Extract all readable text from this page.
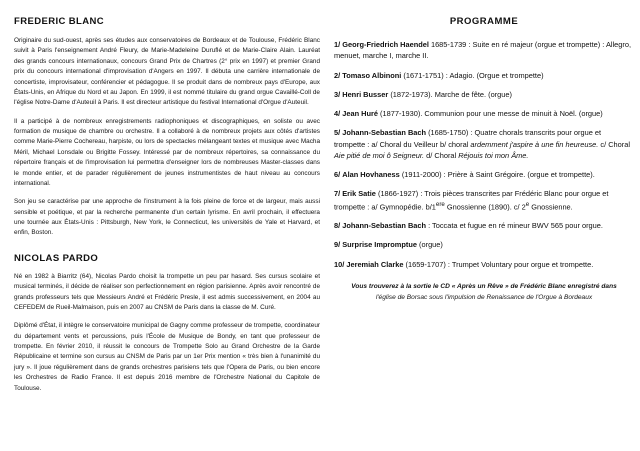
FREDERIC BLANC

Originaire du sud-ouest, après ses études aux conservatoires de Bordeaux et de Toulouse, Frédéric Blanc suivit à Paris l'enseignement André Fleury, de Marie-Madeleine Duruflé et de Marie-Claire Alain. Lauréat des grands concours internationaux, concours Grand Prix de Chartres (2° prix en 1997) et premier Grand prix du concours international d'improvisation d'Angers en 1997. Il débuta une carrière internationale de concertiste, improvisateur, conférencier et pédagogue. Il se produit dans de nombreux pays d'Europe, aux États-Unis, en Afrique du Nord et au Japon. En 1999, il est nommé titulaire du grand orgue Cavaillé-Coll de l'église Notre-Dame d'Auteuil à Paris. Il est directeur artistique du festival International d'Orgue d'Auteuil.

Il a participé à de nombreux enregistrements radiophoniques et discographiques, en soliste ou avec formation de musique de chambre ou orchestre. Il a collaboré à de nombreux projets aux côtés d'artistes comme Marie-Pierre Cochereau, harpiste, ou lors de spectacles mélangeant textes et musique avec Macha Méril, Michael Lonsdale ou Brigitte Fossey. Intéressé par de nombreux répertoires, sa connaissance du répertoire français et de l'improvisation lui permettra d'enseigner lors de nombreuses Master-classes dans le monde entier, et de parader régulièrement de jeunes instrumentistes de haut niveau au concours international.

Son jeu se caractérise par une approche de l'instrument à la fois pleine de force et de largeur, mais aussi sensible et poétique, et par la recherche permanente d'un certain lyrisme. En avril prochain, il effectuera une tournée aux États-Unis : Pittsburgh, New York, le Connecticut, les universités de Yale et Harvard, et enfin, Boston.

NICOLAS PARDO

Né en 1982 à Biarritz (64), Nicolas Pardo choisit la trompette un peu par hasard. Ses cursus scolaire et musical terminés, il décide de réaliser son perfectionnement en région parisienne. Après avoir rencontré de grands professeurs tels que Messieurs André et Frédéric Presle, il est admis successivement, en 2004 au CEFEDEM de Rueil-Malmaison, puis en 2007 au CNSM de Paris dans la classe de M. Curé.

Diplômé d'État, il intègre le conservatoire municipal de Gagny comme professeur de trompette, coordinateur du département vents et percussions, puis l'École de Musique de Bondy, en tant que professeur de trompette. En février 2010, il réussit le concours de Trompette Solo au Grand Orchestre de la Garde Républicaine et termine son cursus au CNSM de Paris par un 1er Prix mention « très bien à l'unanimité du jury ». Il joue régulièrement dans de grands orchestres parisiens tels que l'Opera de Paris, ou bien encore les Orchestres de Radio France. Il est depuis 2016 membre de l'Orchestre National du Capitole de Toulouse.

PROGRAMME

1/ Georg-Friedrich Haendel 1685-1739 : Suite en ré majeur (orgue et trompette) : Allegro, menuet, marche I, marche II.

2/ Tomaso Albinoni (1671-1751) : Adagio. (Orgue et trompette)

3/ Henri Busser (1872-1973). Marche de fête. (orgue)

4/ Jean Huré (1877-1930). Communion pour une messe de minuit à Noël. (orgue)

5/ Johann-Sebastian Bach (1685-1750) : Quatre chorals transcrits pour orgue et trompette : a/ Choral du Veilleur b/ choral ardemment j'aspire à une fin heureuse. c/ Choral Aie pitié de moi ô Seigneur. d/ Choral Réjouis toi mon Âme.

6/ Alan Hovhaness (1911-2000) : Prière à Saint Grégoire. (orgue et trompette).

7/ Erik Satie (1866-1927) : Trois pièces transcrites par Frédéric Blanc pour orgue et trompette : a/ Gymnopédie. b/1ere Gnossienne (1890). c/ 2e Gnossienne.

8/ Johann-Sebastian Bach : Toccata et fugue en ré mineur BWV 565 pour orgue.

9/ Surprise Impromptue (orgue)

10/ Jeremiah Clarke (1659-1707) : Trumpet Voluntary pour orgue et trompette.

Vous trouverez à la sortie le CD « Après un Rêve » de Frédéric Blanc enregistré dans
l'église de Borsac sous l'impulsion de Renaissance de l'Orgue à Bordeaux
